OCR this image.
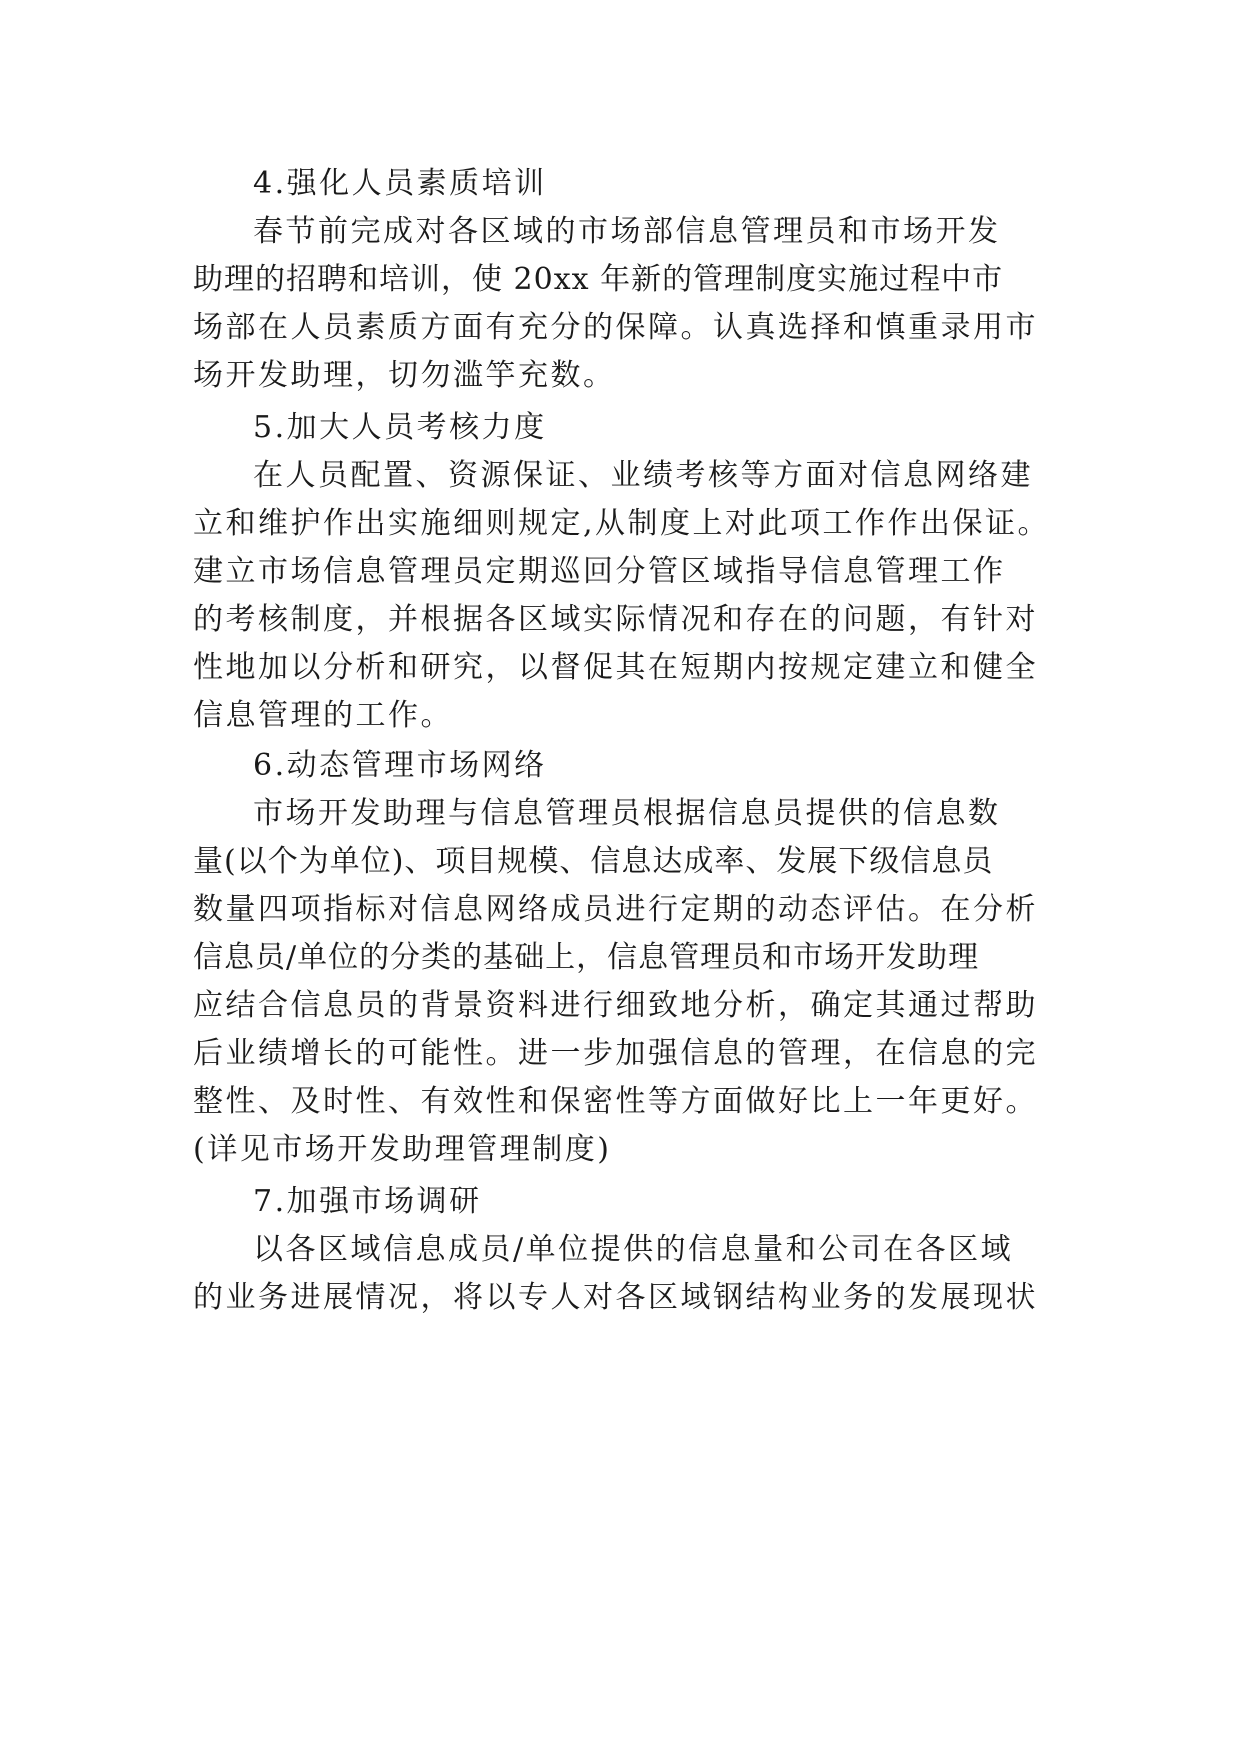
4.强化人员素质培训
春节前完成对各区域的市场部信息管理员和市场开发
助理的招聘和培训，使 20xx 年新的管理制度实施过程中市
场部在人员素质方面有充分的保障。认真选择和慎重录用市
场开发助理，切勿滥竽充数。
5.加大人员考核力度
在人员配置、资源保证、业绩考核等方面对信息网络建
立和维护作出实施细则规定,从制度上对此项工作作出保证。
建立市场信息管理员定期巡回分管区域指导信息管理工作
的考核制度，并根据各区域实际情况和存在的问题，有针对
性地加以分析和研究，以督促其在短期内按规定建立和健全
信息管理的工作。
6.动态管理市场网络
市场开发助理与信息管理员根据信息员提供的信息数
量(以个为单位)、项目规模、信息达成率、发展下级信息员
数量四项指标对信息网络成员进行定期的动态评估。在分析
信息员/单位的分类的基础上，信息管理员和市场开发助理
应结合信息员的背景资料进行细致地分析，确定其通过帮助
后业绩增长的可能性。进一步加强信息的管理，在信息的完
整性、及时性、有效性和保密性等方面做好比上一年更好。
(详见市场开发助理管理制度)
7.加强市场调研
以各区域信息成员/单位提供的信息量和公司在各区域
的业务进展情况，将以专人对各区域钢结构业务的发展现状
